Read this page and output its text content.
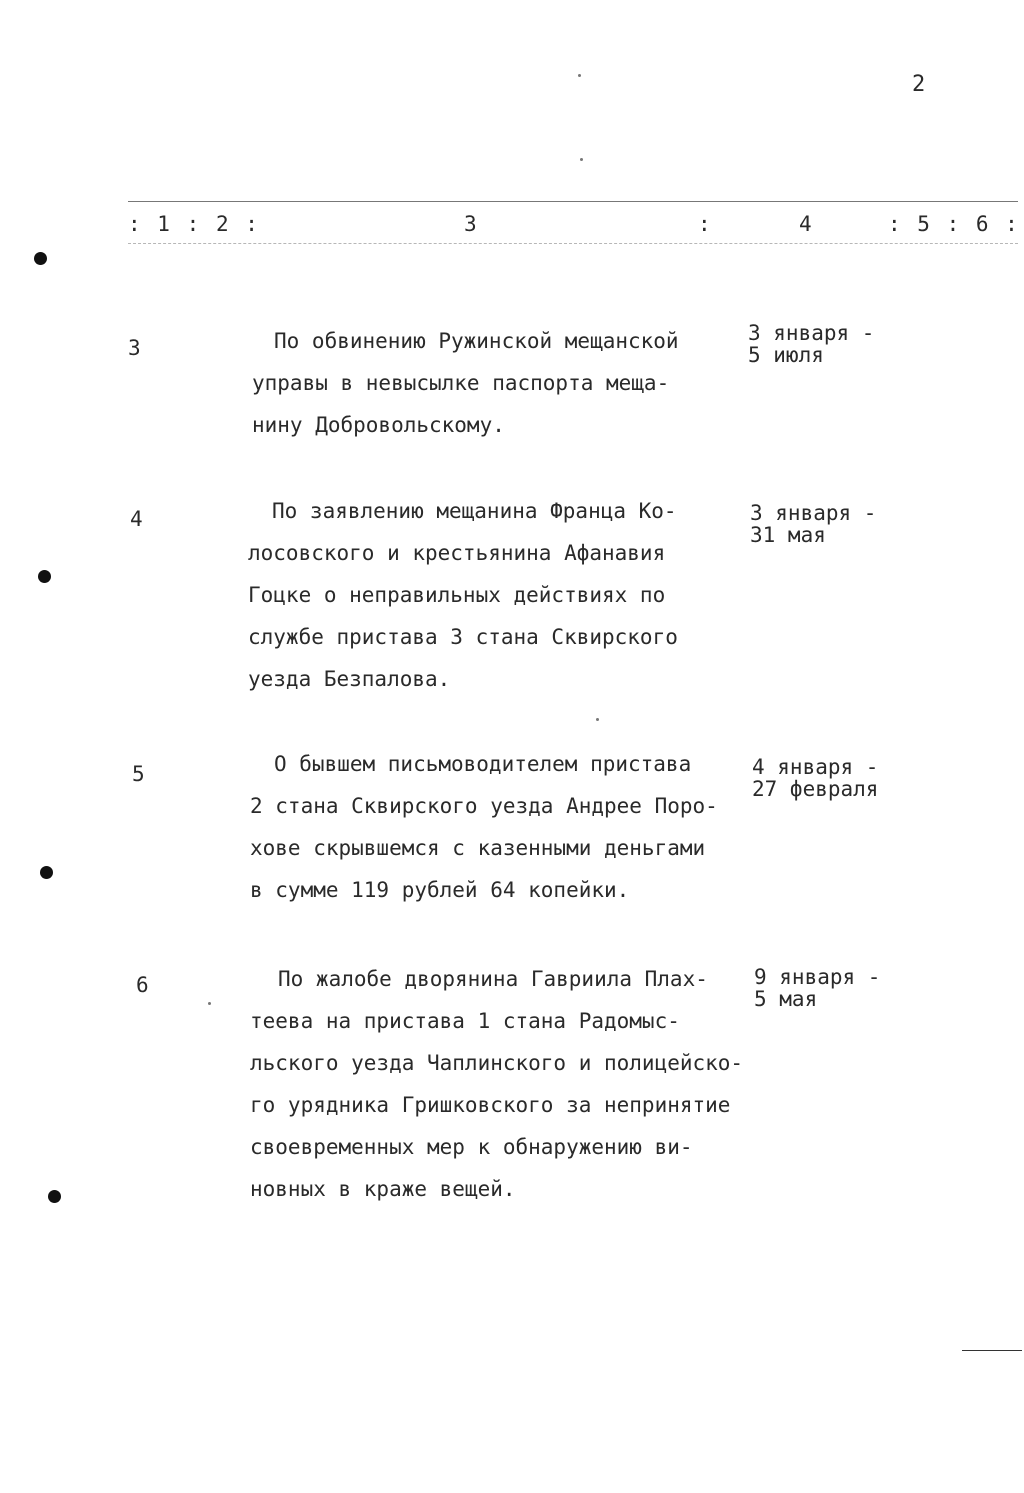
2
: 1 : 2 :	3	:	4	: 5 : 6 :
3	По обвинению Ружинской мещанской
управы в невысылке паспорта меща-
нину Добровольскому.
3 января -
5 июля
4	По заявлению мещанина Франца Ко-
лосовского и крестьянина Афанавия
Гоцке о неправильных действиях по
службе пристава 3 стана Сквирского
уезда Безпалова.
3 января -
31 мая
5	О бывшем письмоводителем пристава
2 стана Сквирского уезда Андрее Поро-
хове скрывшемся с казенными деньгами
в сумме 119 рублей 64 копейки.
4 января -
27 февраля
6	По жалобе дворянина Гавриила Плах-
теева на пристава 1 стана Радомыс-
льского уезда Чаплинского и полицейско-
го урядника Гришковского за непринятие
своевременных мер к обнаружению ви-
новных в краже вещей.
9 января -
5 мая
